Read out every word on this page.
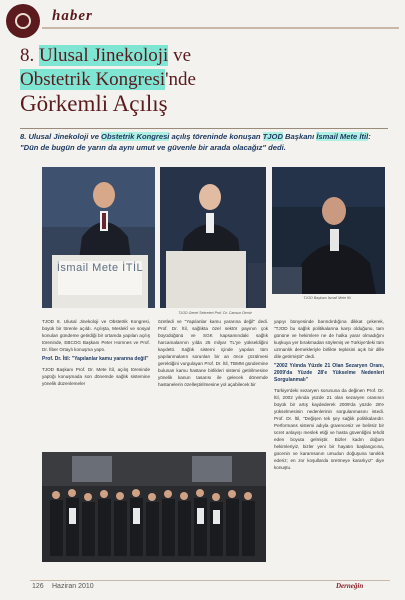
haber
8. Ulusal Jinekoloji ve
Obstetrik Kongresi'nde
Görkemli Açılış
8. Ulusal Jinekoloji ve Obstetrik Kongresi açılış töreninde konuşan TJOD Başkanı İsmail Mete İtil: "Dün de bugün de yarın da aynı umut ve güvenle bir arada olacağız" dedi.
İsmail Mete İTİL
TJOD Genel Sekreteri Prof. Dr. Cansun Demir
TJOD Başkanı İsmail Mete İtil

TJOD 8. Ulusal Jinekoloji ve Obstetrik Kongresi, büyük bir törenle açıldı. Açılışta, Meslekî ve sosyal konuları gündeme getirdiği bir ortamda yapılan açılış töreninde, EBCOG Başkanı Peter Hornnes ve Prof. Dr. İlber Ortaylı konuşma yaptı.

Prof. Dr. İtil: "Yapılanlar kamu yararına değil"

TJOD Başkanı Prof. Dr. Mete İtil, açılış töreninde yaptığı konuşmada son dönemde sağlık sistemine yönelik düzenlemeler

özetledi ve "Yapılanlar kamu yararına değil" dedi. Prof. Dr. İtil, sağlıkta özel sektör payının çok büyüdüğünü ve SGK kapsamındaki sağlık harcamalarının yılda 25 milyar TL'ye yükseldiğini kaydetti. Sağlık sistemi içinde yapılan tüm yapılanmaların sorunları bir an önce çözülmesi gerektiğini vurgulayan Prof. Dr. İtil, TBMM gündemine bulunan kamu hastane birlikleri sistemi getirilmesine yönelik kanun tasarısı ile gelecek dönemde hastanelerin özelleştirilmesine yol açabilecek bir

yapıyı bünyesinde barındırdığına dikkat çekerek, "TJOD bu sağlık politikalarına karşı olduğunu, tam gününe ve hekimlere ne de halka yarar olmadığını kuşkuya yer bırakmadan söylemiş ve Türkiye'deki tüm uzmanlık dernekleriyle birlikte tepkisini açık bir dille dile getirmiştir" dedi.

"2002 Yılında Yüzde 21 Olan Sezaryen Oranı, 2009'da Yüzde 28'e Yükselme Nedenleri Sorgulanmalı"

Türkiye'deki sezaryen sorununa da değinen Prof. Dr. İtil, 2002 yılında yüzde 21 olan sezaryen oranının büyük bir artış kaydederek 2009'da yüzde 28'e yükselmesinin nedenlerinin sorgulanmasını istedi. Prof. Dr. İtil, "Değişen tek şey sağlık politikalarıdır. Performans sistemi adıyla güvencesiz ve belirsiz bir ücret anlayışı meslek etiği ve hasta güvenliğini tehdit eden boyuta gelmiştir. Bizler kadın doğum hekimleriyiz, bizler yeni bir hayatın başlangıcına, gücenin ve karamsanın umudun doğuşuna tanıklık ederiz; en zor koşullarda üretmeye kararlıyız" diye konuştu.

126 Haziran 2010	Derneğin
